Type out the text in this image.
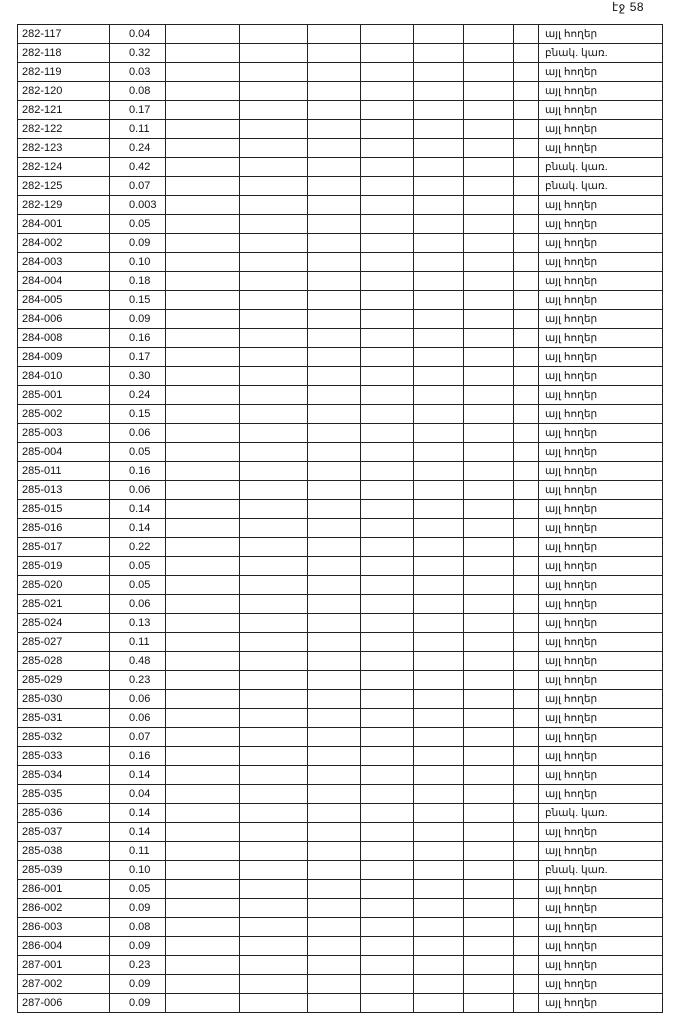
էջ 58
282-117	0.04								այլ հողեր
282-118	0.32								բնակ. կառ.
282-119	0.03								այլ հողեր
282-120	0.08								այլ հողեր
282-121	0.17								այլ հողեր
282-122	0.11								այլ հողեր
282-123	0.24								այլ հողեր
282-124	0.42								բնակ. կառ.
282-125	0.07								բնակ. կառ.
282-129	0.003								այլ հողեր
284-001	0.05								այլ հողեր
284-002	0.09								այլ հողեր
284-003	0.10								այլ հողեր
284-004	0.18								այլ հողեր
284-005	0.15								այլ հողեր
284-006	0.09								այլ հողեր
284-008	0.16								այլ հողեր
284-009	0.17								այլ հողեր
284-010	0.30								այլ հողեր
285-001	0.24								այլ հողեր
285-002	0.15								այլ հողեր
285-003	0.06								այլ հողեր
285-004	0.05								այլ հողեր
285-011	0.16								այլ հողեր
285-013	0.06								այլ հողեր
285-015	0.14								այլ հողեր
285-016	0.14								այլ հողեր
285-017	0.22								այլ հողեր
285-019	0.05								այլ հողեր
285-020	0.05								այլ հողեր
285-021	0.06								այլ հողեր
285-024	0.13								այլ հողեր
285-027	0.11								այլ հողեր
285-028	0.48								այլ հողեր
285-029	0.23								այլ հողեր
285-030	0.06								այլ հողեր
285-031	0.06								այլ հողեր
285-032	0.07								այլ հողեր
285-033	0.16								այլ հողեր
285-034	0.14								այլ հողեր
285-035	0.04								այլ հողեր
285-036	0.14								բնակ. կառ.
285-037	0.14								այլ հողեր
285-038	0.11								այլ հողեր
285-039	0.10								բնակ. կառ.
286-001	0.05								այլ հողեր
286-002	0.09								այլ հողեր
286-003	0.08								այլ հողեր
286-004	0.09								այլ հողեր
287-001	0.23								այլ հողեր
287-002	0.09								այլ հողեր
287-006	0.09								այլ հողեր
